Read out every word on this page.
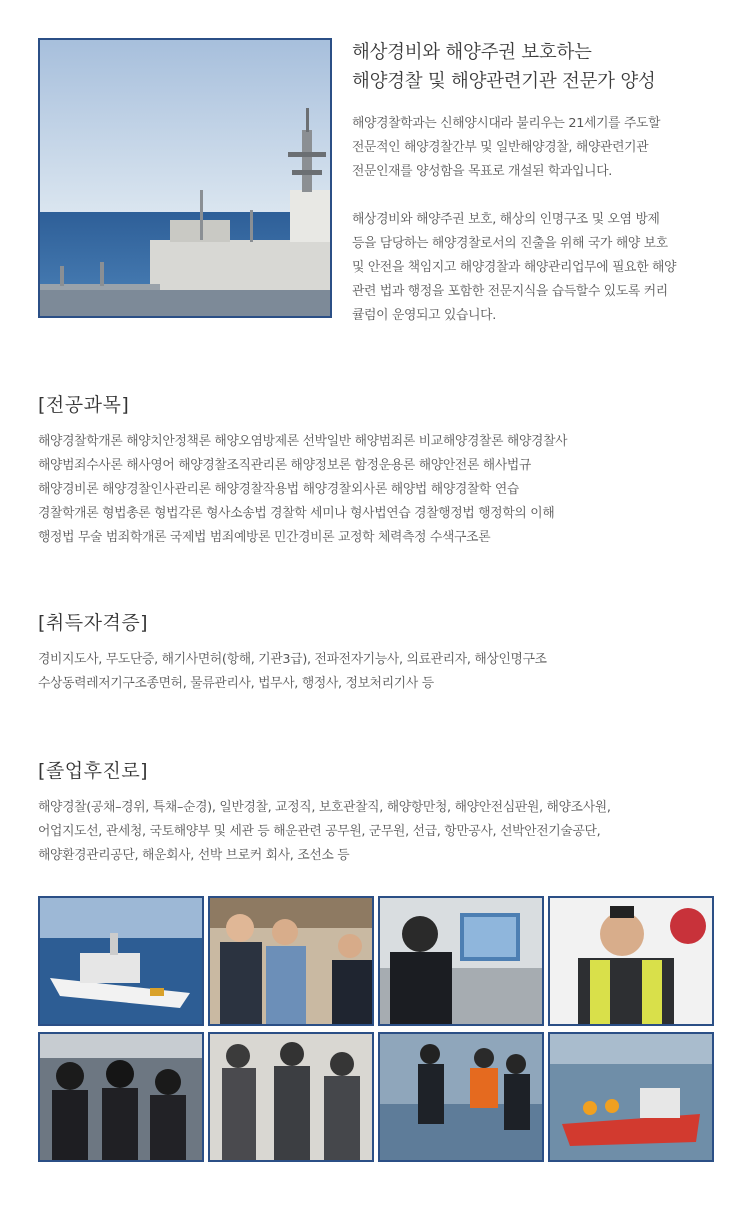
해상경비와 해양주권 보호하는
해양경찰 및 해양관련기관 전문가 양성

해양경찰학과는 신해양시대라 불리우는 21세기를 주도할
전문적인 해양경찰간부 및 일반해양경찰, 해양관련기관
전문인재를 양성함을 목표로 개설된 학과입니다.

해상경비와 해양주권 보호, 해상의 인명구조 및 오염 방제
등을 담당하는 해양경찰로서의 진출을 위해 국가 해양 보호
및 안전을 책임지고 해양경찰과 해양관리업무에 필요한 해양
관련 법과 행정을 포함한 전문지식을 습득할수 있도록 커리
큘럼이 운영되고 있습니다.

[전공과목]
해양경찰학개론 해양치안정책론 해양오염방제론 선박일반 해양범죄론 비교해양경찰론 해양경찰사
해양범죄수사론 해사영어 해양경찰조직관리론 해양정보론 함정운용론 해양안전론 해사법규
해양경비론 해양경찰인사관리론 해양경찰작용법 해양경찰외사론 해양법 해양경찰학 연습
경찰학개론 형법총론 형법각론 형사소송법 경찰학 세미나 형사법연습 경찰행정법 행정학의 이해
행정법 무술 범죄학개론 국제법 범죄예방론 민간경비론 교정학 체력측정 수색구조론
[취득자격증]
경비지도사, 무도단증, 해기사면허(항해, 기관3급), 전파전자기능사, 의료관리자, 해상인명구조
수상동력레저기구조종면허, 물류관리사, 법무사, 행정사, 정보처리기사 등
[졸업후진로]
해양경찰(공채–경위, 특채–순경), 일반경찰, 교정직, 보호관찰직, 해양항만청, 해양안전심판원, 해양조사원,
어업지도선, 관세청, 국토해양부 및 세관 등 해운관련 공무원, 군무원, 선급, 항만공사, 선박안전기술공단,
해양환경관리공단, 해운회사, 선박 브로커 회사, 조선소 등
